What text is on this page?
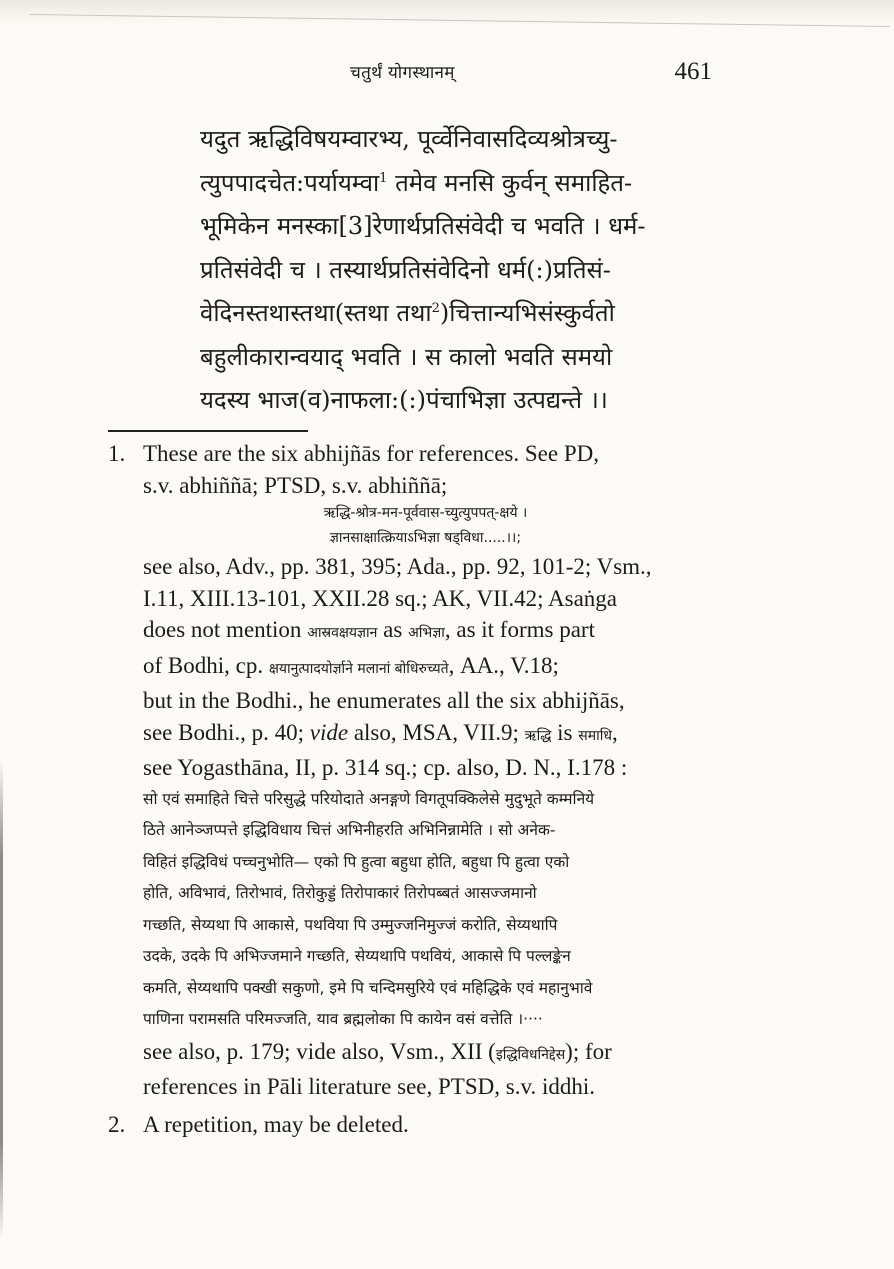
चतुर्थं योगस्थानम्	461
यदुत ऋद्धिविषयम्वारभ्य, पूर्व्वेनिवासदिव्यश्रोत्रच्यु-
त्युपपादचेत:पर्यायम्वा$^1$ तमेव मनसि कुर्वन् समाहित-
भूमिकेन मनस्का[3]रेणार्थप्रतिसंवेदी च भवति । धर्म-
प्रतिसंवेदी च । तस्यार्थप्रतिसंवेदिनो धर्म(:)प्रतिसं-
वेदिनस्तथास्तथा(स्तथा तथा$^2$)चित्तान्यभिसंस्कुर्वतो
बहुलीकारान्वयाद् भवति । स कालो भवति समयो
यदस्य भाज(व)नाफला:(:)पंचाभिज्ञा उत्पद्यन्ते ।।
1. These are the six abhijñās for references. See PD,
s.v. abhiññā; PTSD, s.v. abhiññā;
ऋद्धि-श्रोत्र-मन-पूर्ववास-च्युत्युपपत्-क्षये ।
ज्ञानसाक्षात्क्रियाऽभिज्ञा षड्विधा.....।।;
see also, Adv., pp. 381, 395; Ada., pp. 92, 101-2; Vsm.,
I.11, XIII.13-101, XXII.28 sq.; AK, VII.42; Asaṅga
does not mention आस्रवक्षयज्ञान as अभिज्ञा, as it forms part
of Bodhi, cp. क्षयानुत्पादयोर्ज्ञाने मलानां बोधिरुच्यते, AA., V.18;
but in the Bodhi., he enumerates all the six abhijñās,
see Bodhi., p. 40; vide also, MSA, VII.9; ऋद्धि is समाधि,
see Yogasthāna, II, p. 314 sq.; cp. also, D. N., I.178 :
सो एवं समाहिते चित्ते परिसुद्धे परियोदाते अनङ्गणे विगतूपक्किलेसे मुदुभूते कम्मनिये
ठिते आनेञ्जप्पत्ते इद्धिविधाय चित्तं अभिनीहरति अभिनिन्नामेति । सो अनेक-
विहितं इद्धिविधं पच्चनुभोति— एको पि हुत्वा बहुधा होति, बहुधा पि हुत्वा एको
होति, अविभावं, तिरोभावं, तिरोकुड्डं तिरोपाकारं तिरोपब्बतं आसज्जमानो
गच्छति, सेय्यथा पि आकासे, पथविया पि उम्मुज्जनिमुज्जं करोति, सेय्यथापि
उदके, उदके पि अभिज्जमाने गच्छति, सेय्यथापि पथवियं, आकासे पि पल्लङ्केन
कमति, सेय्यथापि पक्खी सकुणो, इमे पि चन्दिमसुरिये एवं महिद्धिके एवं महानुभावे
पाणिना परामसति परिमज्जति, याव ब्रह्मलोका पि कायेन वसं वत्तेति ।····
see also, p. 179; vide also, Vsm., XII (इद्धिविधनिद्देस); for
references in Pāli literature see, PTSD, s.v. iddhi.
2. A repetition, may be deleted.
